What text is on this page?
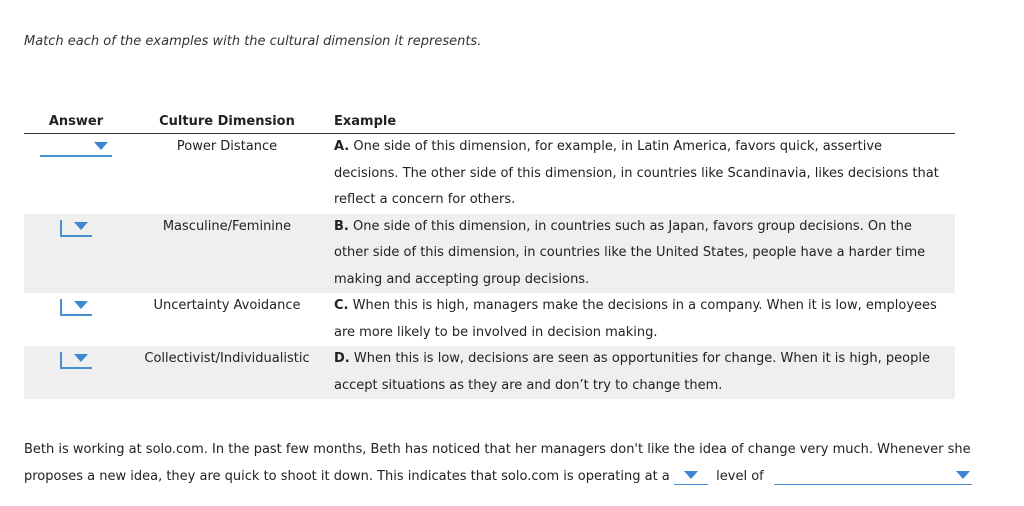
Match each of the examples with the cultural dimension it represents.
Answer	Culture Dimension	Example

	Power Distance	A. One side of this dimension, for example, in Latin America, favors quick, assertive decisions. The other side of this dimension, in countries like Scandinavia, likes decisions that reflect a concern for others.

	Masculine/Feminine	B. One side of this dimension, in countries such as Japan, favors group decisions. On the other side of this dimension, in countries like the United States, people have a harder time making and accepting group decisions.

	Uncertainty Avoidance	C. When this is high, managers make the decisions in a company. When it is low, employees are more likely to be involved in decision making.

	Collectivist/Individualistic	D. When this is low, decisions are seen as opportunities for change. When it is high, people accept situations as they are and don’t try to change them.
Beth is working at solo.com. In the past few months, Beth has noticed that her managers don't like the idea of change very much. Whenever she proposes a new idea, they are quick to shoot it down. This indicates that solo.com is operating at a	level of
